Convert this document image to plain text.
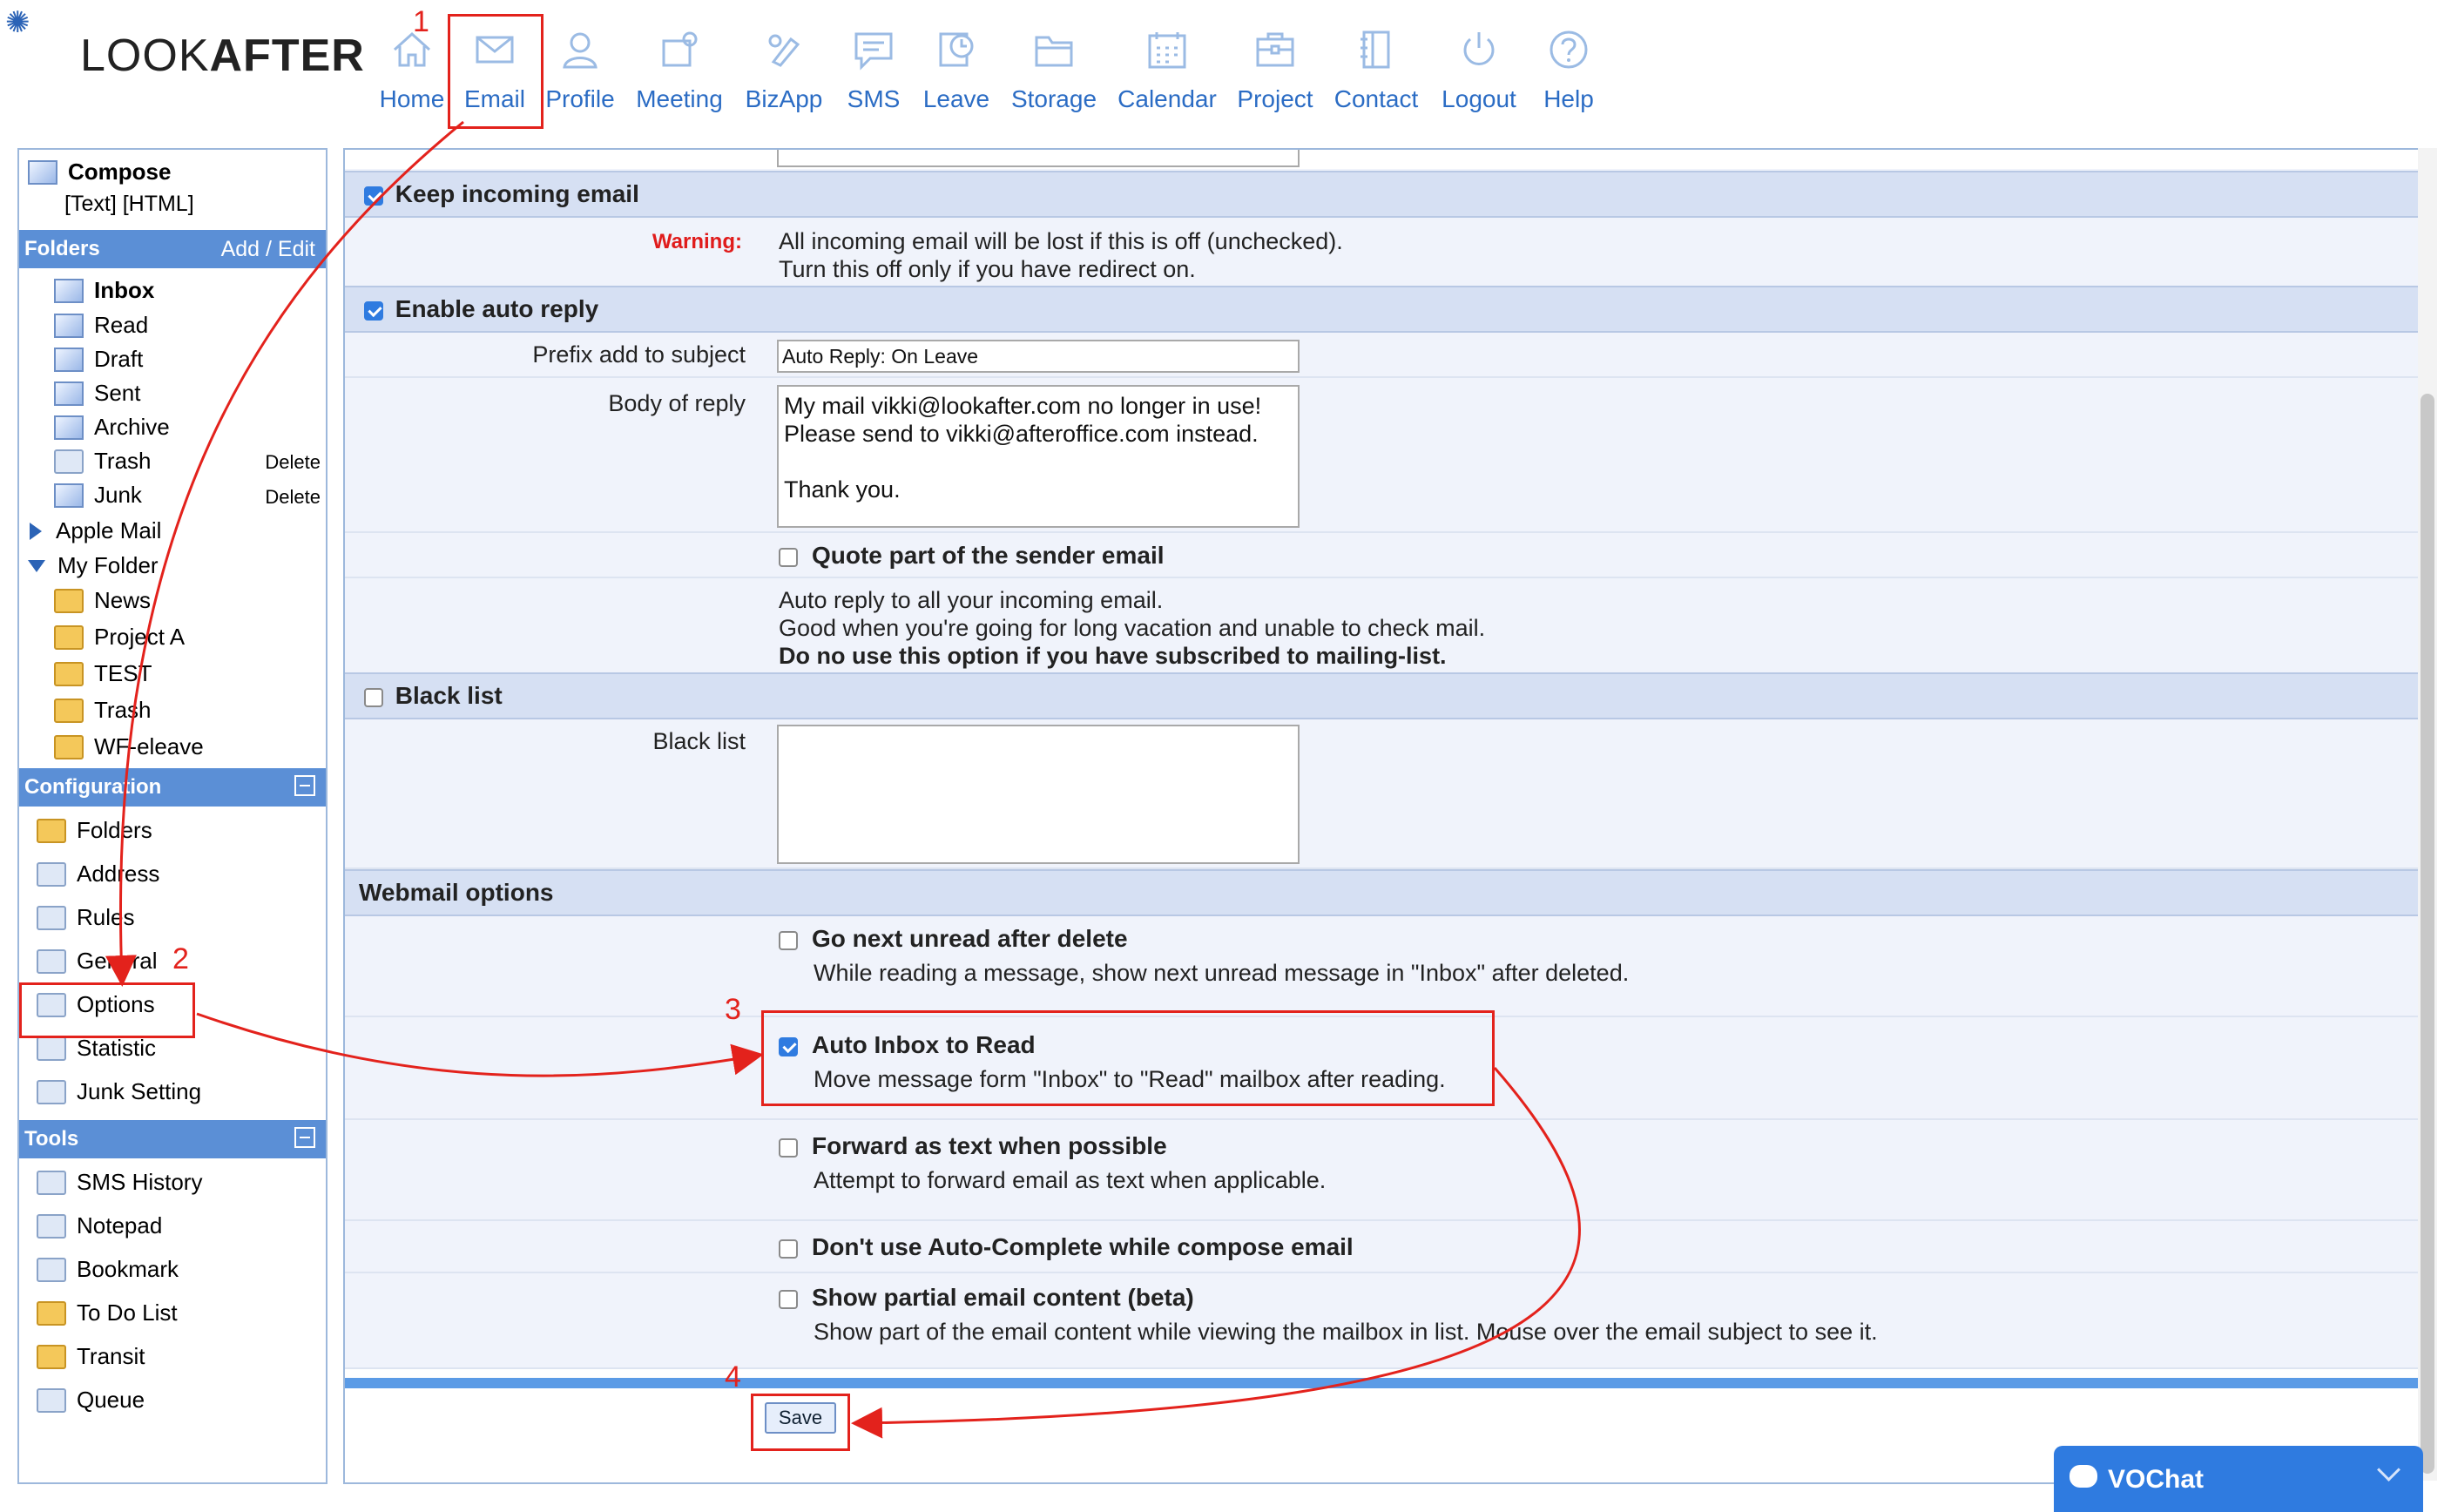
✺
LOOKAFTER
Home Email Profile Meeting BizApp SMS Leave Storage Calendar Project Contact Logout Help
Compose
[ Text ] [ HTML ]
Folders	Add / Edit
Inbox
Read
Draft
Sent
Archive
Trash	Delete
Junk	Delete
Apple Mail
My Folder
News
Project A
TEST
Trash
WF-eleave
Configuration
Folders
Address
Rules
General
Options
Statistic
Junk Setting
Tools
SMS History
Notepad
Bookmark
To Do List
Transit
Queue
Keep incoming email
Warning: All incoming email will be lost if this is off (unchecked).
Turn this off only if you have redirect on.
Enable auto reply
Prefix add to subject
Auto Reply: On Leave
Body of reply
My mail vikki@lookafter.com no longer in use! Please send to vikki@afteroffice.com instead. Thank you.
Quote part of the sender email
Auto reply to all your incoming email.
Good when you're going for long vacation and unable to check mail.
Do no use this option if you have subscribed to mailing-list.
Black list
Black list
Webmail options
Go next unread after delete
While reading a message, show next unread message in "Inbox" after deleted.
Auto Inbox to Read
Move message form "Inbox" to "Read" mailbox after reading.
Forward as text when possible
Attempt to forward email as text when applicable.
Don't use Auto-Complete while compose email
Show partial email content (beta)
Show part of the email content while viewing the mailbox in list. Mouse over the email subject to see it.
Save
1
2
3
4
VOChat
